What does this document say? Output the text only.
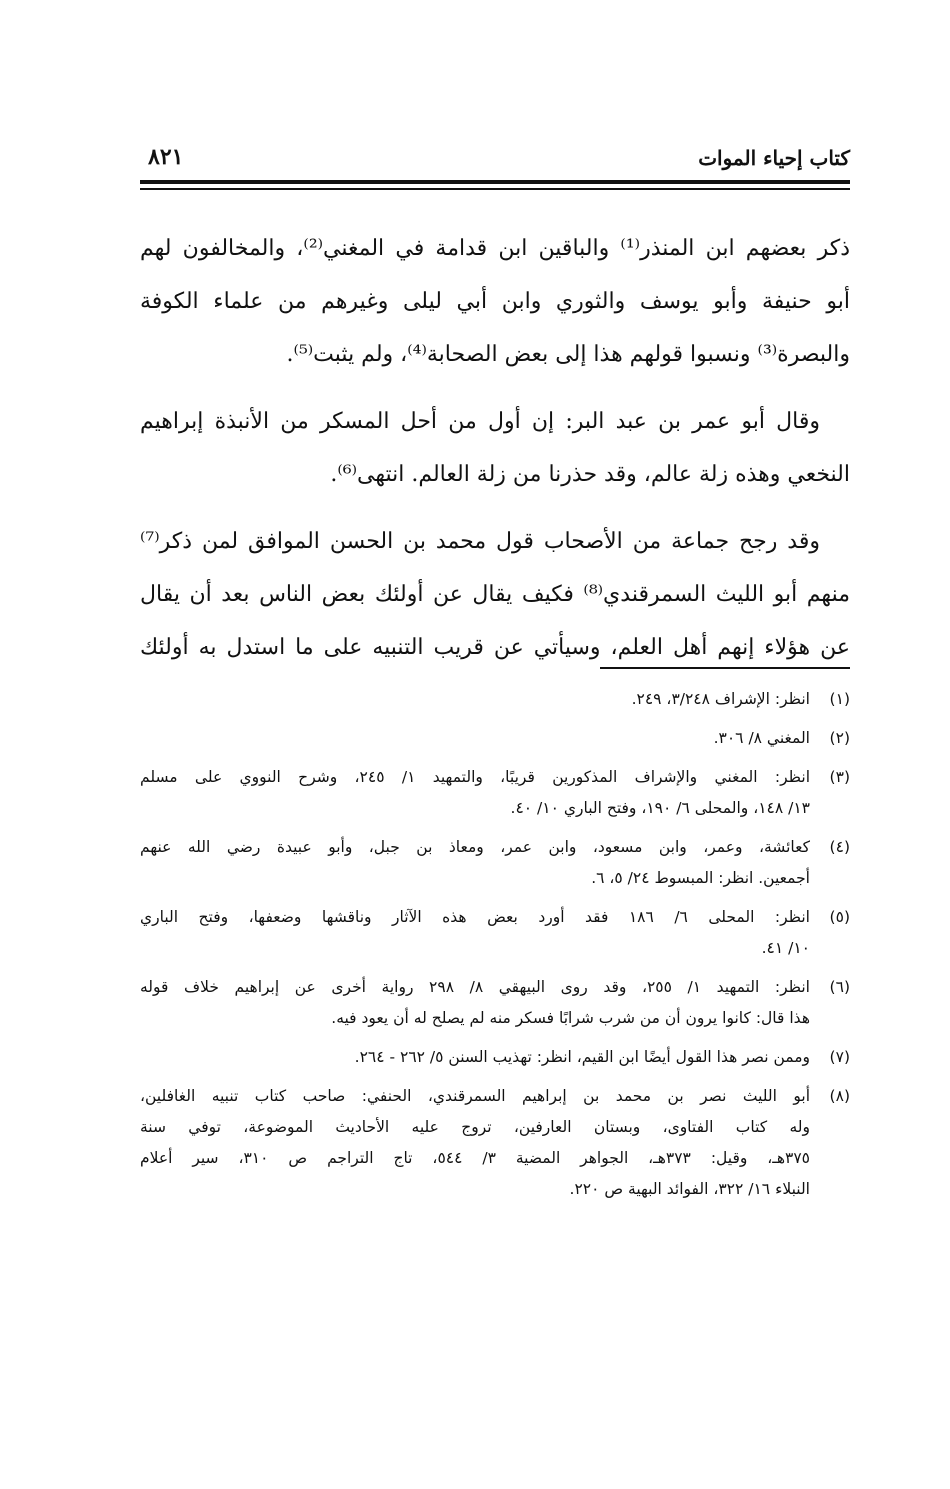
كتاب إحياء الموات
٨٢١
ذكر بعضهم ابن المنذر⁽¹⁾ والباقين ابن قدامة في المغني⁽²⁾، والمخالفون لهم
أبو حنيفة وأبو يوسف والثوري وابن أبي ليلى وغيرهم من علماء الكوفة
والبصرة⁽³⁾ ونسبوا قولهم هذا إلى بعض الصحابة⁽⁴⁾، ولم يثبت⁽⁵⁾.
وقال أبو عمر بن عبد البر: إن أول من أحل المسكر من الأنبذة إبراهيم
النخعي وهذه زلة عالم، وقد حذرنا من زلة العالم. انتهى⁽⁶⁾.
وقد رجح جماعة من الأصحاب قول محمد بن الحسن الموافق لمن ذكر⁽⁷⁾
منهم أبو الليث السمرقندي⁽⁸⁾ فكيف يقال عن أولئك بعض الناس بعد أن يقال
عن هؤلاء إنهم أهل العلم، وسيأتي عن قريب التنبيه على ما استدل به أولئك
(١)
انظر: الإشراف ٣/٢٤٨، ٢٤٩.
(٢)
المغني ٨/ ٣٠٦.
(٣)
انظر: المغني والإشراف المذكورين قريبًا، والتمهيد ١/ ٢٤٥، وشرح النووي على مسلم
١٣/ ١٤٨، والمحلى ٦/ ١٩٠، وفتح الباري ١٠/ ٤٠.
(٤)
كعائشة، وعمر، وابن مسعود، وابن عمر، ومعاذ بن جبل، وأبو عبيدة رضي الله عنهم
أجمعين. انظر: المبسوط ٢٤/ ٥، ٦.
(٥)
انظر: المحلى ٦/ ١٨٦ فقد أورد بعض هذه الآثار وناقشها وضعفها، وفتح الباري
١٠/ ٤١.
(٦)
انظر: التمهيد ١/ ٢٥٥، وقد روى البيهقي ٨/ ٢٩٨ رواية أخرى عن إبراهيم خلاف قوله
هذا قال: كانوا يرون أن من شرب شرابًا فسكر منه لم يصلح له أن يعود فيه.
(٧)
وممن نصر هذا القول أيضًا ابن القيم، انظر: تهذيب السنن ٥/ ٢٦٢ - ٢٦٤.
(٨)
أبو الليث نصر بن محمد بن إبراهيم السمرقندي، الحنفي: صاحب كتاب تنبيه الغافلين،
وله كتاب الفتاوى، وبستان العارفين، تروج عليه الأحاديث الموضوعة، توفي سنة
٣٧٥هـ، وقيل: ٣٧٣هـ، الجواهر المضية ٣/ ٥٤٤، تاج التراجم ص ٣١٠، سير أعلام
النبلاء ١٦/ ٣٢٢، الفوائد البهية ص ٢٢٠.
